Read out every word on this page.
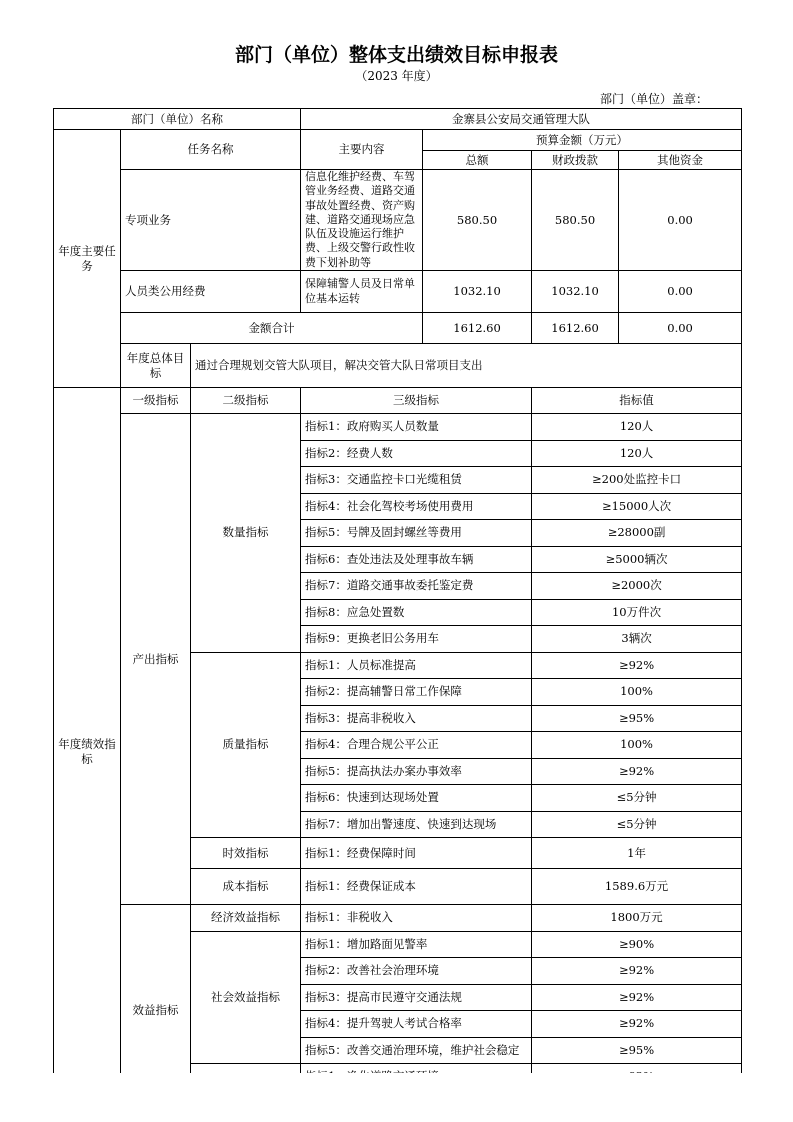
部门（单位）整体支出绩效目标申报表
（2023 年度）
部门（单位）盖章：
部门（单位）名称			金寨县公安局交通管理大队			
年度主要任务	任务名称		主要内容	预算金额（万元）		
				总额	财政拨款	其他资金
	专项业务		信息化维护经费、车驾管业务经费、道路交通事故处置经费、资产购建、道路交通现场应急队伍及设施运行维护费、上级交警行政性收费下划补助等	580.50	580.50	0.00
	人员类公用经费		保障辅警人员及日常单位基本运转	1032.10	1032.10	0.00
	金额合计			1612.60	1612.60	0.00
	年度总体目标	通过合理规划交管大队项目，解决交管大队日常项目支出				
年度绩效指标	一级指标	二级指标	三级指标		指标值	
	产出指标	数量指标	指标1：政府购买人员数量		120人	
			指标2：经费人数		120人	
			指标3：交通监控卡口光缆租赁		≥200处监控卡口	
			指标4：社会化驾校考场使用费用		≥15000人次	
			指标5：号牌及固封螺丝等费用		≥28000副	
			指标6：查处违法及处理事故车辆		≥5000辆次	
			指标7：道路交通事故委托鉴定费		≥2000次	
			指标8：应急处置数		10万件次	
			指标9：更换老旧公务用车		3辆次	
		质量指标	指标1：人员标准提高		≥92%	
			指标2：提高辅警日常工作保障		100%	
			指标3：提高非税收入		≥95%	
			指标4：合理合规公平公正		100%	
			指标5：提高执法办案办事效率		≥92%	
			指标6：快速到达现场处置		≤5分钟	
			指标7：增加出警速度、快速到达现场		≤5分钟	
		时效指标	指标1：经费保障时间		1年	
		成本指标	指标1：经费保证成本		1589.6万元	
	效益指标	经济效益指标	指标1：非税收入		1800万元	
		社会效益指标	指标1：增加路面见警率		≥90%	
			指标2：改善社会治理环境		≥92%	
			指标3：提高市民遵守交通法规		≥92%	
			指标4：提升驾驶人考试合格率		≥92%	
			指标5：改善交通治理环境，维护社会稳定		≥95%	
